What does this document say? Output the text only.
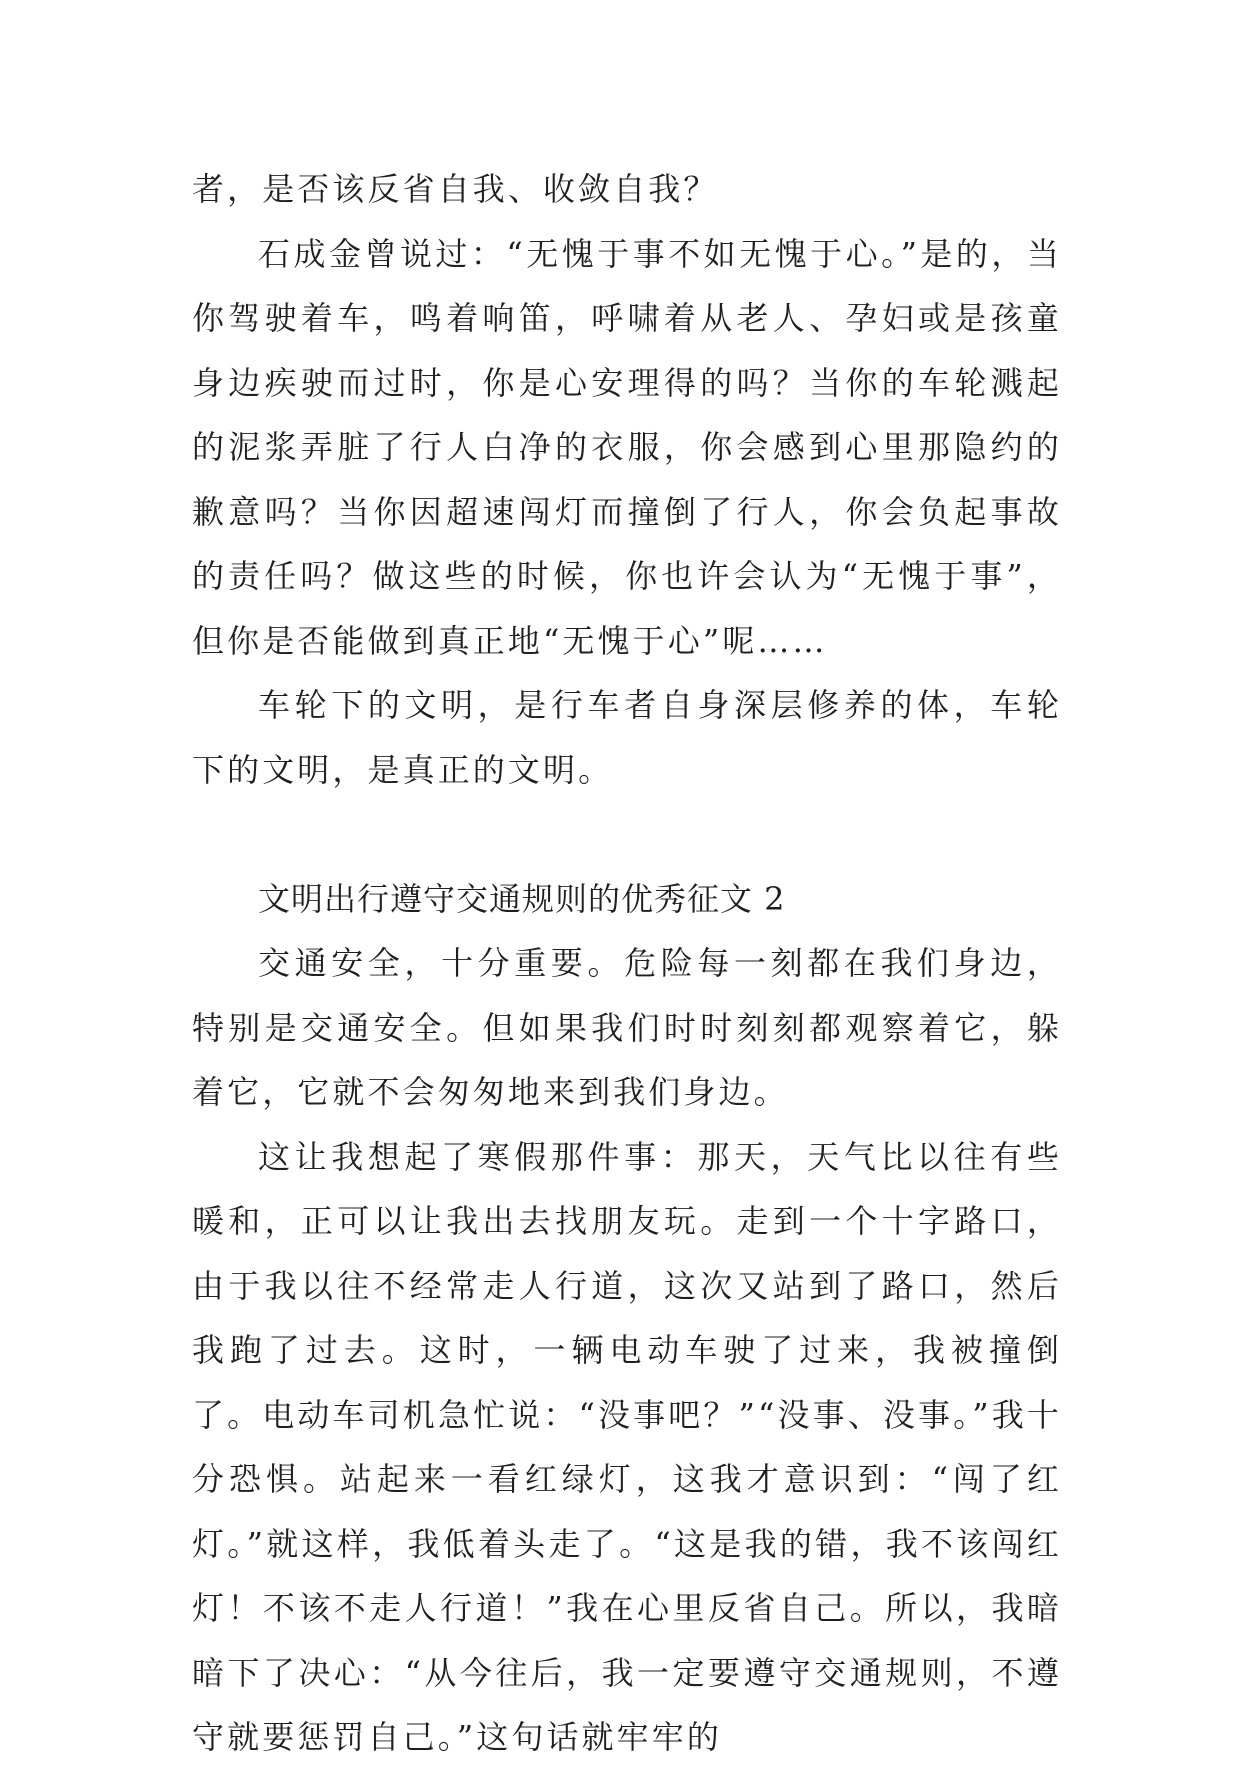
者，是否该反省自我、收敛自我？

石成金曾说过：“无愧于事不如无愧于心。”是的，当你驾驶着车，鸣着响笛，呼啸着从老人、孕妇或是孩童身边疾驶而过时，你是心安理得的吗？当你的车轮溅起的泥浆弄脏了行人白净的衣服，你会感到心里那隐约的歉意吗？当你因超速闯灯而撞倒了行人，你会负起事故的责任吗？做这些的时候，你也许会认为“无愧于事”，但你是否能做到真正地“无愧于心”呢……

车轮下的文明，是行车者自身深层修养的体，车轮下的文明，是真正的文明。

文明出行遵守交通规则的优秀征文 2

交通安全，十分重要。危险每一刻都在我们身边，特别是交通安全。但如果我们时时刻刻都观察着它，躲着它，它就不会匆匆地来到我们身边。

这让我想起了寒假那件事：那天，天气比以往有些暖和，正可以让我出去找朋友玩。走到一个十字路口，由于我以往不经常走人行道，这次又站到了路口，然后我跑了过去。这时，一辆电动车驶了过来，我被撞倒了。电动车司机急忙说：“没事吧？”“没事、没事。”我十分恐惧。站起来一看红绿灯，这我才意识到：“闯了红灯。”就这样，我低着头走了。“这是我的错，我不该闯红灯！不该不走人行道！”我在心里反省自己。所以，我暗暗下了决心：“从今往后，我一定要遵守交通规则，不遵守就要惩罚自己。”这句话就牢牢的
